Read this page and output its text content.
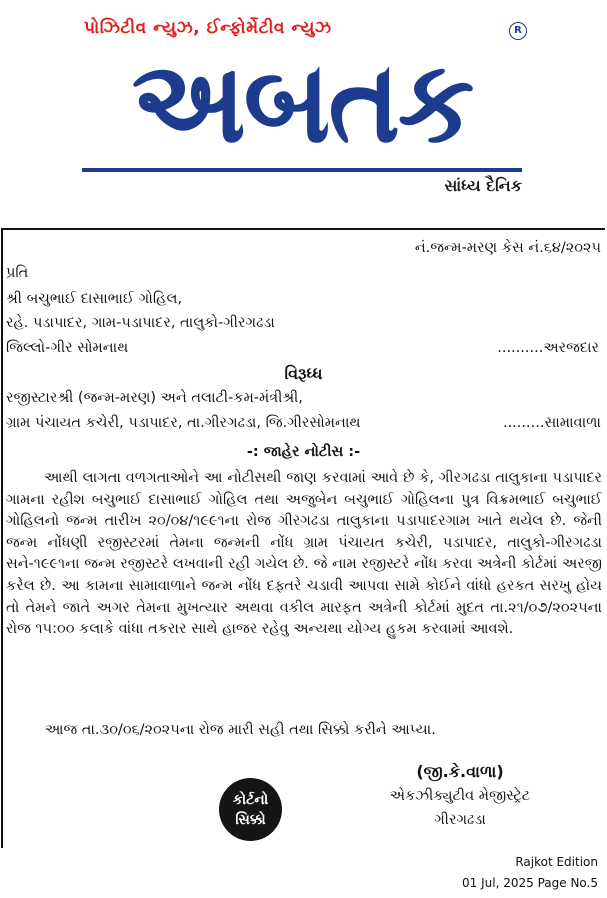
પોઝિટીવ ન્યુઝ, ઈન્ફોર્મેટીવ ન્યુઝ	R
અબતક
સાંધ્ય દૈનિક
નં.જન્મ-મરણ કેસ નં.૬૪/૨૦૨૫
પ્રતિ
શ્રી બચુભાઈ દાસાભાઈ ગોહિલ,
રહે. પડાપાદર, ગામ-પડાપાદર, તાલુકો-ગીરગઢડા
જિલ્લો-ગીર સોમનાથ	..........અરજદાર
વિરૂધ્ધ
રજીસ્ટારશ્રી (જન્મ-મરણ) અને તલાટી-કમ-મંત્રીશ્રી,
ગ્રામ પંચાયત કચેરી, પડાપાદર, તા.ગીરગઢડા, જિ.ગીરસોમનાથ	.........સામાવાળા
-: જાહેર નોટીસ :-
આથી લાગતા વળગતાઓને આ નોટીસથી જાણ કરવામાં આવે છે કે, ગીરગઢડા તાલુકાના પડાપાદર ગામના રહીશ બચુભાઈ દાસાભાઈ ગોહિલ તથા અજુબેન બચુભાઈ ગોહિલના પુત્ર વિક્રમભાઈ બચુભાઈ ગોહિલનો જન્મ તારીખ ૨૦/૦૪/૧૯૯૧ના રોજ ગીરગઢડા તાલુકાના પડાપાદરગામ ખાતે થયેલ છે. જેની જન્મ નોંધણી રજીસ્ટરમાં તેમના જન્મની નોંધ ગ્રામ પંચાયત કચેરી, પડાપાદર, તાલુકો-ગીરગઢડા સને-૧૯૯૧ના જન્મ રજીસ્ટરે લખવાની રહી ગયેલ છે. જે નામ રજીસ્ટરે નોંધ કરવા અત્રેની કોર્ટમાં અરજી કરેલ છે. આ કામના સામાવાળાને જન્મ નોંધ દફ્તરે ચડાવી આપવા સામે કોઈને વાંધો હરકત સરખુ હોય તો તેમને જાતે અગર તેમના મુખત્યાર અથવા વકીલ મારફત અત્રેની કોર્ટમાં મુદત તા.૨૧/૦૭/૨૦૨૫ના રોજ ૧૫:૦૦ કલાકે વાંધા તકરાર સાથે હાજર રહેવુ અન્યથા યોગ્ય હુકમ કરવામાં આવશે.
આજ તા.૩૦/૦૬/૨૦૨૫ના રોજ મારી સહી તથા સિક્કો કરીને આપ્યા.
કોર્ટનો
સિક્કો
(જી.કે.વાળા)
એકઝીક્યુટીવ મેજીસ્ટ્રેટ
ગીરગઢડા
Rajkot Edition
01 Jul, 2025 Page No.5
